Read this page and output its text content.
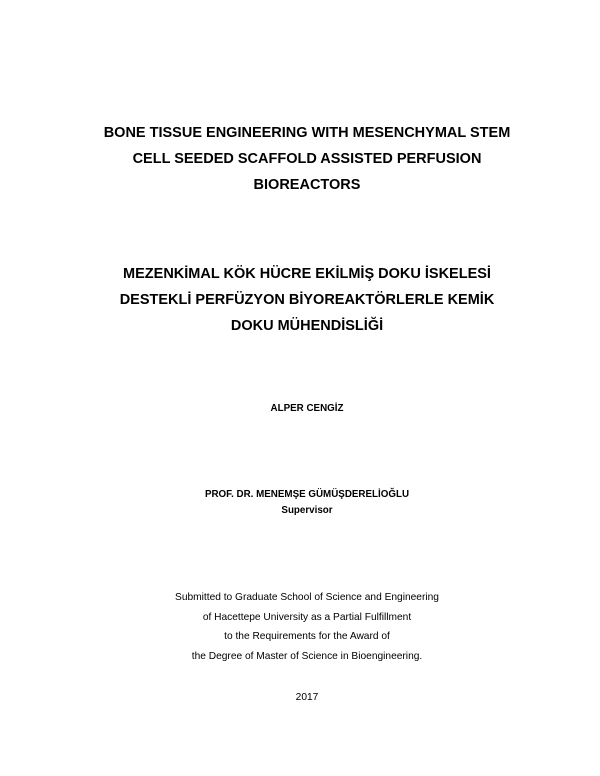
BONE TISSUE ENGINEERING WITH MESENCHYMAL STEM
CELL SEEDED SCAFFOLD ASSISTED PERFUSION
BIOREACTORS
MEZENKİMAL KÖK HÜCRE EKİLMİŞ DOKU İSKELESİ
DESTEKLİ PERFÜZYON BİYOREAKTÖRLERLE KEMİK
DOKU MÜHENDİSLİĞİ
ALPER CENGİZ
PROF. DR. MENEMŞE GÜMÜŞDERELİOĞLU
Supervisor
Submitted to Graduate School of Science and Engineering
of Hacettepe University as a Partial Fulfillment
to the Requirements for the Award of
the Degree of Master of Science in Bioengineering.
2017
